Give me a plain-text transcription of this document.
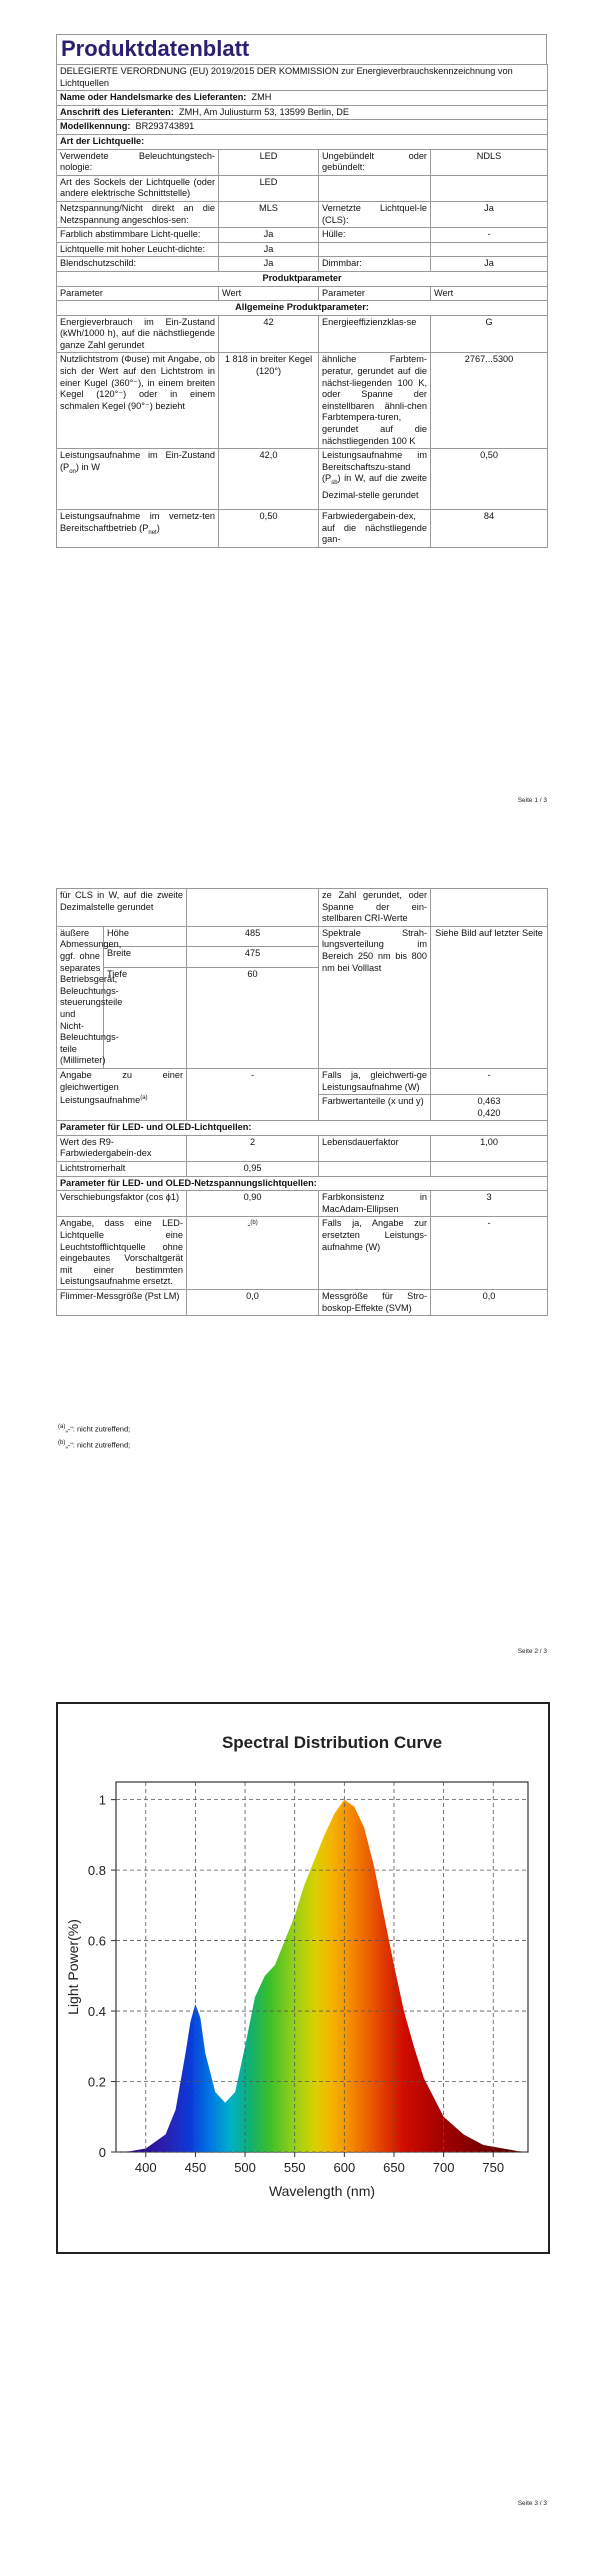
Produktdatenblatt
DELEGIERTE VERORDNUNG (EU) 2019/2015 DER KOMMISSION zur Energieverbrauchskennzeichnung von Lichtquellen			
Name oder Handelsmarke des Lieferanten: ZMH			
Anschrift des Lieferanten: ZMH, Am Juliusturm 53, 13599 Berlin, DE			
Modellkennung: BR293743891			
Art der Lichtquelle:			
Verwendete Beleuchtungstech-nologie:	LED	Ungebündelt oder gebündelt:	NDLS
Art des Sockels der Lichtquelle (oder andere elektrische Schnittstelle)	LED		
Netzspannung/Nicht direkt an die Netzspannung angeschlos-sen:	MLS	Vernetzte Lichtquel-le (CLS):	Ja
Farblich abstimmbare Licht-quelle:	Ja	Hülle:	-
Lichtquelle mit hoher Leucht-dichte:	Ja		
Blendschutzschild:	Ja	Dimmbar:	Ja
Produktparameter			
Parameter	Wert	Parameter	Wert
Allgemeine Produktparameter:			
Energieverbrauch im Ein-Zustand (kWh/1000 h), auf die nächstliegende ganze Zahl gerundet	42	Energieeffizienzklas-se	G
Nutzlichtstrom (Φuse) mit Angabe, ob sich der Wert auf den Lichtstrom in einer Kugel (360°⁻), in einem breiten Kegel (120°⁻) oder in einem schmalen Kegel (90°⁻) bezieht	1 818 in breiter Kegel (120°)	ähnliche Farbtem-peratur, gerundet auf die nächst-liegenden 100 K, oder Spanne der einstellbaren ähnli-chen Farbtempera-turen, gerundet auf die nächstliegenden 100 K	2767...5300
Leistungsaufnahme im Ein-Zustand $(P_{on})$ in W	42,0	Leistungsaufnahme im Bereitschaftszu-stand $(P_{sb})$ in W, auf die zweite Dezimal-stelle gerundet	0,50
Leistungsaufnahme im vernetz-ten Bereitschaftbetrieb $(P_{net})$	0,50	Farbwiedergabein-dex, auf die nächstliegende gan-	84
Seite 1 / 3
für CLS in W, auf die zweite Dezimalstelle gerundet			ze Zahl gerundet, oder Spanne der ein-stellbaren CRI-Werte	
äußere Abmessungen, ggf. ohne separates Betriebsgerät, Beleuchtungs-steuerungsteile und Nicht-Beleuchtungs-teile (Millimeter)	Höhe	485	Spektrale Strah-lungsverteilung im Bereich 250 nm bis 800 nm bei Volllast	Siehe Bild auf letzter Seite
	Breite	475		
	Tiefe	60		
Angabe zu einer gleichwertigen Leistungsaufnahme$^{(a)}$		-	Falls ja, gleichwerti-ge Leistungsaufnahme (W)	-
			Farbwertanteile (x und y)	0,463
0,420
Parameter für LED- und OLED-Lichtquellen:				
Wert des R9-Farbwiedergabein-dex		2	Lebensdauerfaktor	1,00
Lichtstromerhalt		0,95		
Parameter für LED- und OLED-Netzspannungslichtquellen:				
Verschiebungsfaktor (cos ϕ1)		0,90	Farbkonsistenz in MacAdam-Ellipsen	3
Angabe, dass eine LED-Lichtquelle eine Leuchtstofflichtquelle ohne eingebautes Vorschaltgerät mit einer bestimmten Leistungsaufnahme ersetzt.		-$^{(b)}$	Falls ja, Angabe zur ersetzten Leistungs-aufnahme (W)	-
Flimmer-Messgröße (Pst LM)		0,0	Messgröße für Stro-boskop-Effekte (SVM)	0,0
$^{(a)}$„-“: nicht zutreffend;
$^{(b)}$„-“: nicht zutreffend;
Seite 2 / 3
400 450 500 550 600 650 700 750
0
0.2
0.4
0.6
0.8
1
Spectral Distribution Curve
Wavelength (nm)
Light Power(%)
Seite 3 / 3
